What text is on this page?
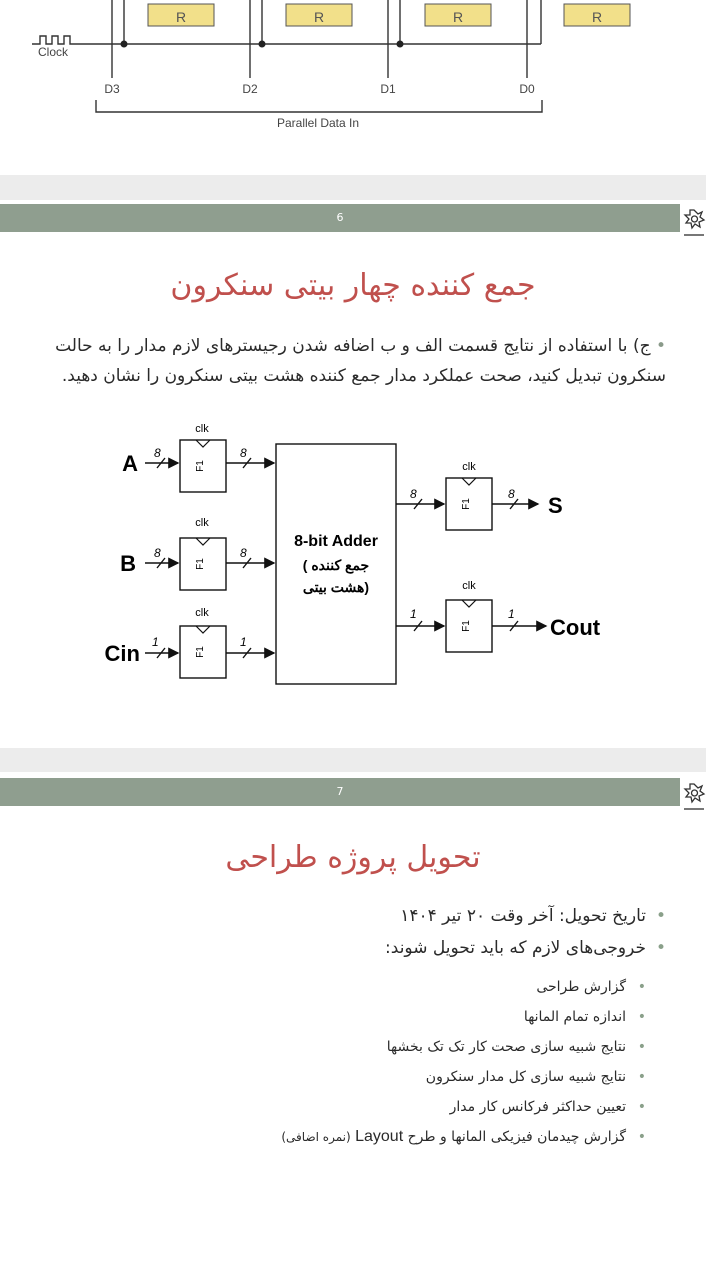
R	R	R	R
Clock
D3	D2	D1	D0
Parallel Data In
6
جمع کننده چهار بیتی سنکرون
• ج) با استفاده از نتایج قسمت الف و ب اضافه شدن رجیسترهای لازم مدار را به حالت سنکرون تبدیل کنید، صحت عملکرد مدار جمع کننده هشت بیتی سنکرون را نشان دهید.
F1
clk
F1
clk
F1
clk
F1
clk
F1
clk
8-bit Adder
جمع کننده )
(هشت بیتی
8	8
8	8
1	1
8	8
1	1
A
B
Cin
S
Cout
7
تحویل پروژه طراحی
• تاریخ تحویل: آخر وقت ۲۰ تیر ۱۴۰۴
• خروجی‌های لازم که باید تحویل شوند:
• گزارش طراحی
• اندازه تمام المانها
• نتایج شبیه سازی صحت کار تک تک بخشها
• نتایج شبیه سازی کل مدار سنکرون
• تعیین حداکثر فرکانس کار مدار
• گزارش چیدمان فیزیکی المانها و طرح Layout (نمره اضافی)
